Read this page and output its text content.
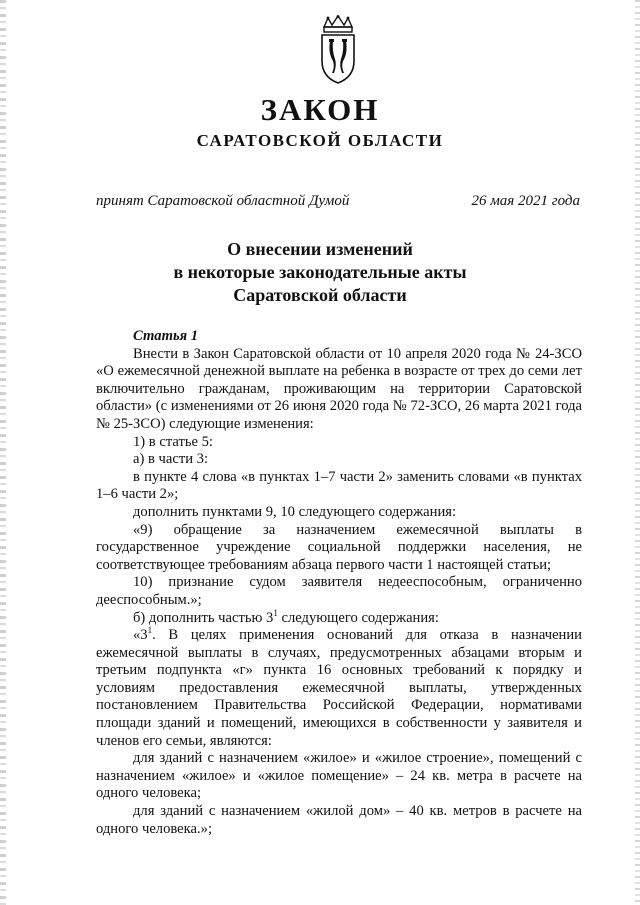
ЗАКОН
САРАТОВСКОЙ ОБЛАСТИ
принят Саратовской областной Думой	26 мая 2021 года
О внесении изменений
в некоторые законодательные акты
Саратовской области

Статья 1

Внести в Закон Саратовской области от 10 апреля 2020 года № 24-ЗСО «О ежемесячной денежной выплате на ребенка в возрасте от трех до семи лет включительно гражданам, проживающим на территории Саратовской области» (с изменениями от 26 июня 2020 года № 72-ЗСО, 26 марта 2021 года № 25-ЗСО) следующие изменения:

1) в статье 5:

а) в части 3:

в пункте 4 слова «в пунктах 1–7 части 2» заменить словами «в пунктах 1–6 части 2»;

дополнить пунктами 9, 10 следующего содержания:

«9) обращение за назначением ежемесячной выплаты в государственное учреждение социальной поддержки населения, не соответствующее требованиям абзаца первого части 1 настоящей статьи;

10) признание судом заявителя недееспособным, ограниченно дееспособным.»;

б) дополнить частью $3^1$ следующего содержания:

«$3^1$. В целях применения оснований для отказа в назначении ежемесячной выплаты в случаях, предусмотренных абзацами вторым и третьим подпункта «г» пункта 16 основных требований к порядку и условиям предоставления ежемесячной выплаты, утвержденных постановлением Правительства Российской Федерации, нормативами площади зданий и помещений, имеющихся в собственности у заявителя и членов его семьи, являются:

для зданий с назначением «жилое» и «жилое строение», помещений с назначением «жилое» и «жилое помещение» – 24 кв. метра в расчете на одного человека;

для зданий с назначением «жилой дом» – 40 кв. метров в расчете на одного человека.»;
